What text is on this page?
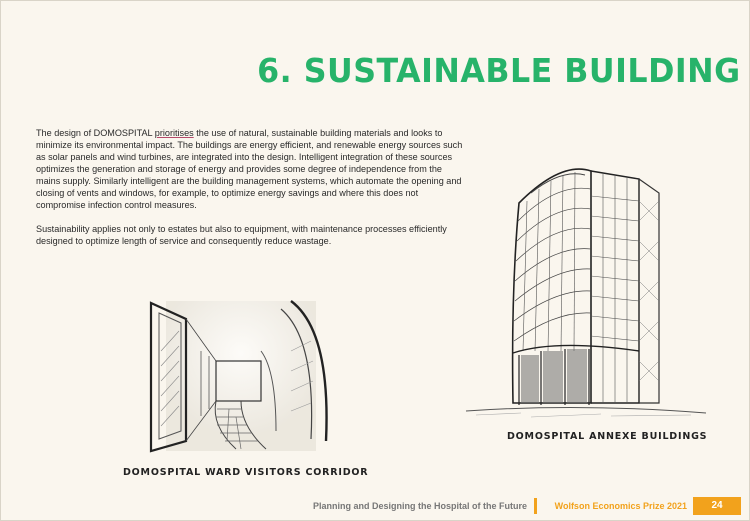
6. SUSTAINABLE BUILDING

The design of DOMOSPITAL prioritises the use of natural, sustainable building materials and looks to minimize its environmental impact. The buildings are energy efficient, and renewable energy sources such as solar panels and wind turbines, are integrated into the design. Intelligent integration of these sources optimizes the generation and storage of energy and provides some degree of independence from the mains supply. Similarly intelligent are the building management systems, which automate the opening and closing of vents and windows, for example, to optimize energy savings and where this does not compromise infection control measures.

Sustainability applies not only to estates but also to equipment, with maintenance processes efficiently designed to optimize length of service and consequently reduce wastage.

DOMOSPITAL WARD VISITORS CORRIDOR
DOMOSPITAL ANNEXE BUILDINGS
Planning and Designing the Hospital of the Future	Wolfson Economics Prize 2021	24
